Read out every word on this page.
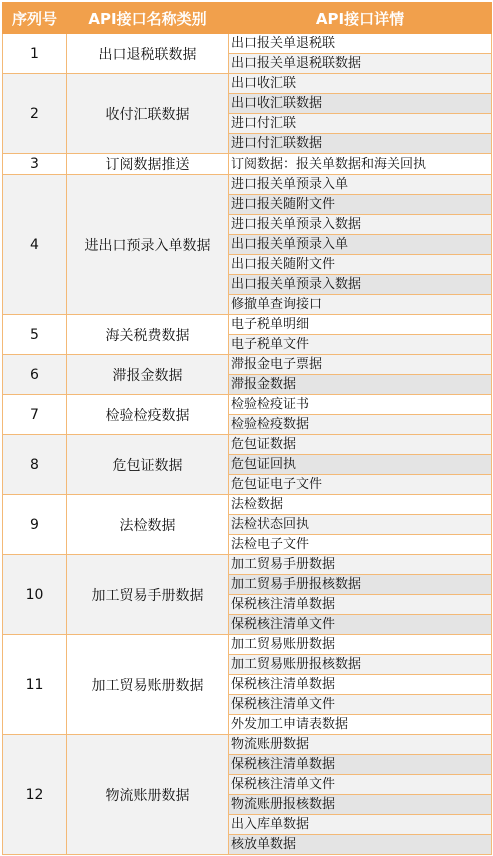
序列号	API接口名称类别	API接口详情
1	出口退税联数据	出口报关单退税联
		出口报关单退税联数据
2	收付汇联数据	出口收汇联
		出口收汇联数据
		进口付汇联
		进口付汇联数据
3	订阅数据推送	订阅数据：报关单数据和海关回执
4	进出口预录入单数据	进口报关单预录入单
		进口报关随附文件
		进口报关单预录入数据
		出口报关单预录入单
		出口报关随附文件
		出口报关单预录入数据
		修撤单查询接口
5	海关税费数据	电子税单明细
		电子税单文件
6	滞报金数据	滞报金电子票据
		滞报金数据
7	检验检疫数据	检验检疫证书
		检验检疫数据
8	危包证数据	危包证数据
		危包证回执
		危包证电子文件
9	法检数据	法检数据
		法检状态回执
		法检电子文件
10	加工贸易手册数据	加工贸易手册数据
		加工贸易手册报核数据
		保税核注清单数据
		保税核注清单文件
11	加工贸易账册数据	加工贸易账册数据
		加工贸易账册报核数据
		保税核注清单数据
		保税核注清单文件
		外发加工申请表数据
12	物流账册数据	物流账册数据
		保税核注清单数据
		保税核注清单文件
		物流账册报核数据
		出入库单数据
		核放单数据
